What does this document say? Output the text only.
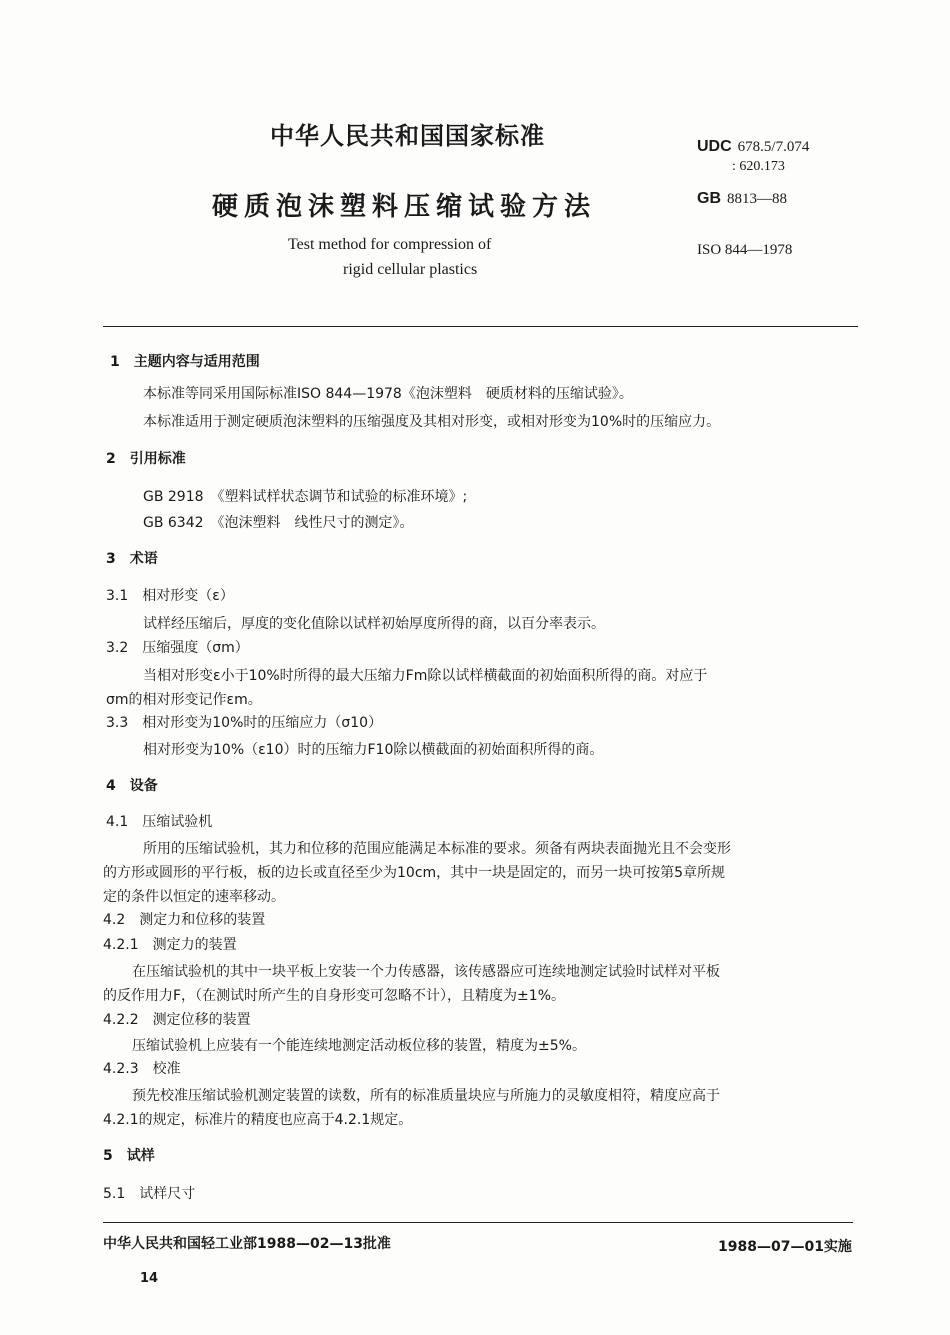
中华人民共和国国家标准
硬质泡沫塑料压缩试验方法
Test method for compression of
rigid cellular plastics
UDC 678.5/7.074
: 620.173
GB 8813—88
ISO 844—1978
1　主题内容与适用范围
本标准等同采用国际标准ISO 844—1978《泡沫塑料　硬质材料的压缩试验》。
本标准适用于测定硬质泡沫塑料的压缩强度及其相对形变，或相对形变为10%时的压缩应力。
2　引用标准
GB 2918　《塑料试样状态调节和试验的标准环境》;
GB 6342　《泡沫塑料　线性尺寸的测定》。
3　术语
3.1　相对形变（ε）
试样经压缩后，厚度的变化值除以试样初始厚度所得的商，以百分率表示。
3.2　压缩强度（σm）
当相对形变ε小于10%时所得的最大压缩力Fm除以试样横截面的初始面积所得的商。对应于
σm的相对形变记作εm。
3.3　相对形变为10%时的压缩应力（σ10）
相对形变为10%（ε10）时的压缩力F10除以横截面的初始面积所得的商。
4　设备
4.1　压缩试验机
所用的压缩试验机，其力和位移的范围应能满足本标准的要求。须备有两块表面抛光且不会变形
的方形或圆形的平行板，板的边长或直径至少为10cm，其中一块是固定的，而另一块可按第5章所规
定的条件以恒定的速率移动。
4.2　测定力和位移的装置
4.2.1　测定力的装置
在压缩试验机的其中一块平板上安装一个力传感器，该传感器应可连续地测定试验时试样对平板
的反作用力F，（在测试时所产生的自身形变可忽略不计），且精度为±1%。
4.2.2　测定位移的装置
压缩试验机上应装有一个能连续地测定活动板位移的装置，精度为±5%。
4.2.3　校准
预先校准压缩试验机测定装置的读数，所有的标准质量块应与所施力的灵敏度相符，精度应高于
4.2.1的规定，标准片的精度也应高于4.2.1规定。
5　试样
5.1　试样尺寸
中华人民共和国轻工业部1988—02—13批准	1988—07—01实施
14
